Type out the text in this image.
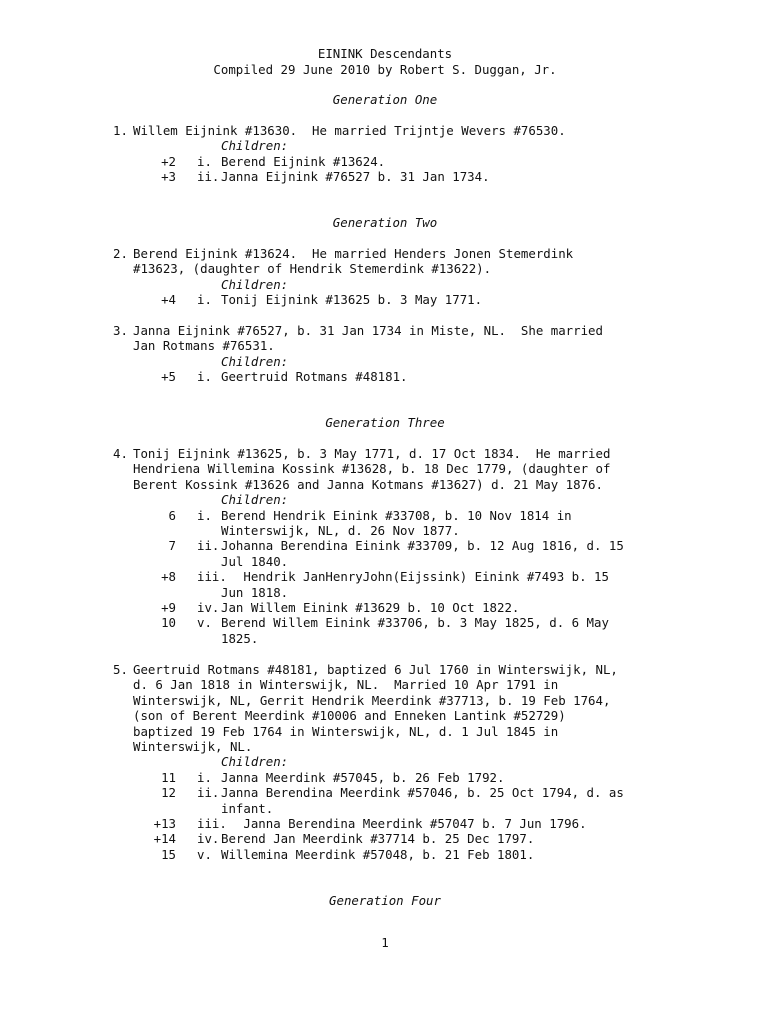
EININK Descendants
Compiled 29 June 2010 by Robert S. Duggan, Jr.
Generation One
1. Willem Eijnink #13630.  He married Trijntje Wevers #76530.
Children:
+2 i. Berend Eijnink #13624.
+3 ii. Janna Eijnink #76527 b. 31 Jan 1734.
Generation Two
2. Berend Eijnink #13624.  He married Henders Jonen Stemerdink
#13623, (daughter of Hendrik Stemerdink #13622).
Children:
+4 i. Tonij Eijnink #13625 b. 3 May 1771.
3. Janna Eijnink #76527, b. 31 Jan 1734 in Miste, NL.  She married
Jan Rotmans #76531.
Children:
+5 i. Geertruid Rotmans #48181.
Generation Three
4. Tonij Eijnink #13625, b. 3 May 1771, d. 17 Oct 1834.  He married
Hendriena Willemina Kossink #13628, b. 18 Dec 1779, (daughter of
Berent Kossink #13626 and Janna Kotmans #13627) d. 21 May 1876.
Children:
6 i. Berend Hendrik Einink #33708, b. 10 Nov 1814 in
Winterswijk, NL, d. 26 Nov 1877.
7 ii. Johanna Berendina Einink #33709, b. 12 Aug 1816, d. 15
Jul 1840.
+8 iii.
Hendrik JanHenryJohn(Eijssink) Einink #7493 b. 15
Jun 1818.
+9 iv. Jan Willem Einink #13629 b. 10 Oct 1822.
10 v. Berend Willem Einink #33706, b. 3 May 1825, d. 6 May
1825.
5. Geertruid Rotmans #48181, baptized 6 Jul 1760 in Winterswijk, NL,
d. 6 Jan 1818 in Winterswijk, NL.  Married 10 Apr 1791 in
Winterswijk, NL, Gerrit Hendrik Meerdink #37713, b. 19 Feb 1764,
(son of Berent Meerdink #10006 and Enneken Lantink #52729)
baptized 19 Feb 1764 in Winterswijk, NL, d. 1 Jul 1845 in
Winterswijk, NL.
Children:
11 i. Janna Meerdink #57045, b. 26 Feb 1792.
12 ii. Janna Berendina Meerdink #57046, b. 25 Oct 1794, d. as
infant.
+13 iii.
Janna Berendina Meerdink #57047 b. 7 Jun 1796.
+14 iv. Berend Jan Meerdink #37714 b. 25 Dec 1797.
15 v. Willemina Meerdink #57048, b. 21 Feb 1801.
Generation Four
1
